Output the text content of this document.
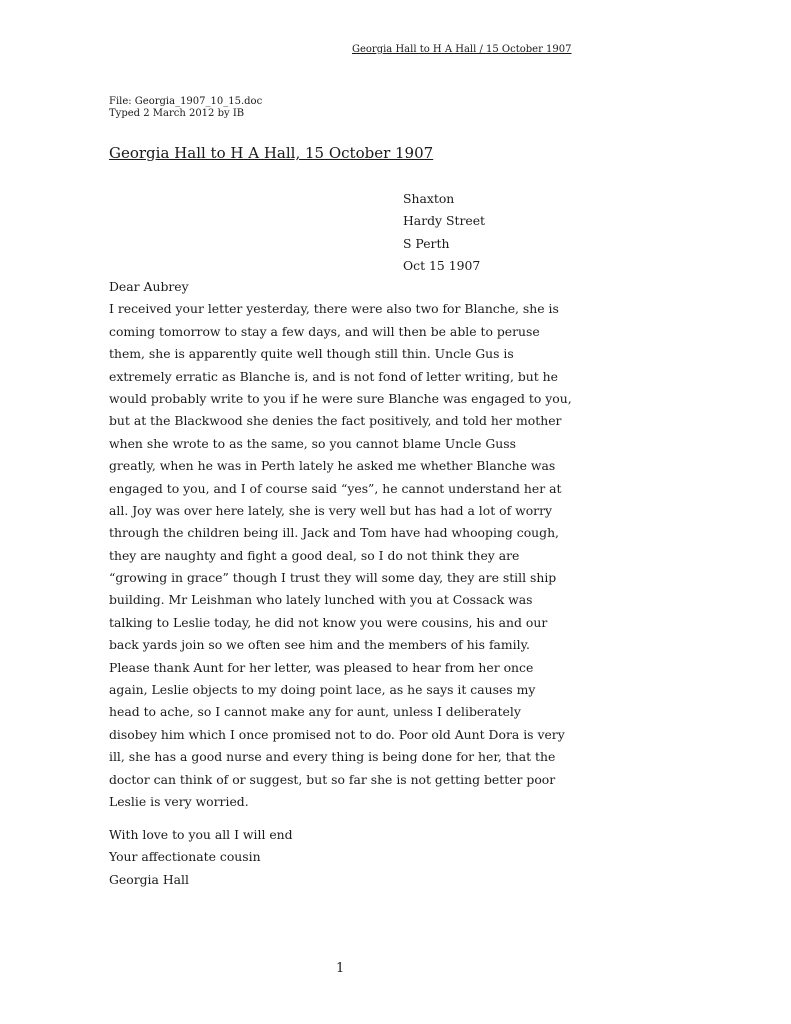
Georgia Hall to H A Hall / 15 October 1907
File: Georgia_1907_10_15.doc
Typed 2 March 2012 by IB
Georgia Hall to H A Hall, 15 October 1907
Shaxton
Hardy Street
S Perth
Oct 15 1907
Dear Aubrey
I received your letter yesterday, there were also two for Blanche, she is
coming tomorrow to stay a few days, and will then be able to peruse
them, she is apparently quite well though still thin. Uncle Gus is
extremely erratic as Blanche is, and is not fond of letter writing, but he
would probably write to you if he were sure Blanche was engaged to you,
but at the Blackwood she denies the fact positively, and told her mother
when she wrote to as the same, so you cannot blame Uncle Guss
greatly, when he was in Perth lately he asked me whether Blanche was
engaged to you, and I of course said “yes”, he cannot understand her at
all. Joy was over here lately, she is very well but has had a lot of worry
through the children being ill. Jack and Tom have had whooping cough,
they are naughty and fight a good deal, so I do not think they are
“growing in grace” though I trust they will some day, they are still ship
building. Mr Leishman who lately lunched with you at Cossack was
talking to Leslie today, he did not know you were cousins, his and our
back yards join so we often see him and the members of his family.
Please thank Aunt for her letter, was pleased to hear from her once
again, Leslie objects to my doing point lace, as he says it causes my
head to ache, so I cannot make any for aunt, unless I deliberately
disobey him which I once promised not to do. Poor old Aunt Dora is very
ill, she has a good nurse and every thing is being done for her, that the
doctor can think of or suggest, but so far she is not getting better poor
Leslie is very worried.
With love to you all I will end
Your affectionate cousin
Georgia Hall
1
